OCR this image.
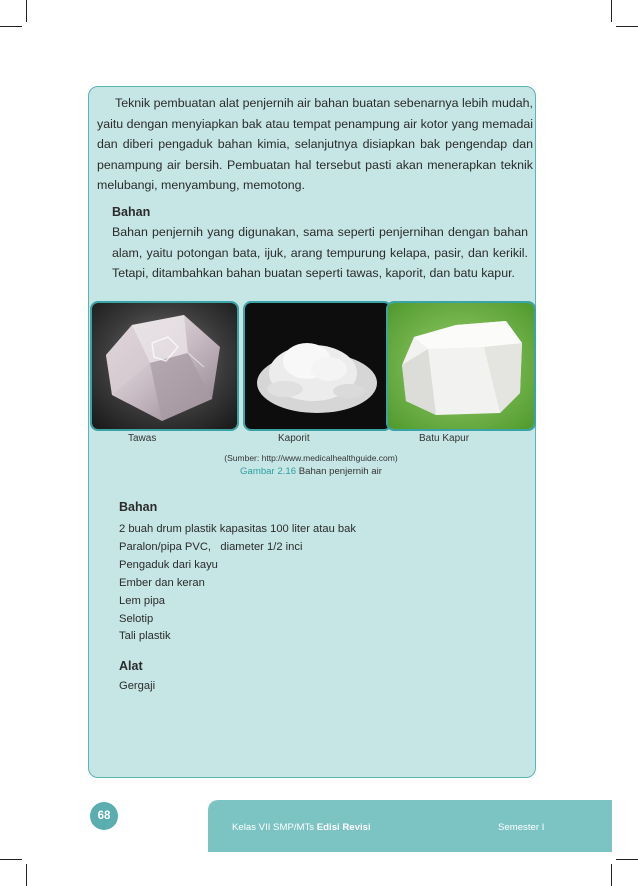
Teknik pembuatan alat penjernih air bahan buatan sebenarnya lebih mudah, yaitu dengan menyiapkan bak atau tempat penampung air kotor yang memadai dan diberi pengaduk bahan kimia, selanjutnya disiapkan bak pengendap dan penampung air bersih. Pembuatan hal tersebut pasti akan menerapkan teknik melubangi, menyambung, memotong.

Bahan

Bahan penjernih yang digunakan, sama seperti penjernihan dengan bahan alam, yaitu potongan bata, ijuk, arang tempurung kelapa, pasir, dan kerikil. Tetapi, ditambahkan bahan buatan seperti tawas, kaporit, dan batu kapur.

Tawas	Kaporit	Batu Kapur
(Sumber: http://www.medicalhealthguide.com)
Gambar 2.16 Bahan penjernih air
Bahan
2 buah drum plastik kapasitas 100 liter atau bak
Paralon/pipa PVC,   diameter 1/2 inci
Pengaduk dari kayu
Ember dan keran
Lem pipa
Selotip
Tali plastik
Alat
Gergaji
68
Kelas VII SMP/MTs Edisi Revisi	Semester I
